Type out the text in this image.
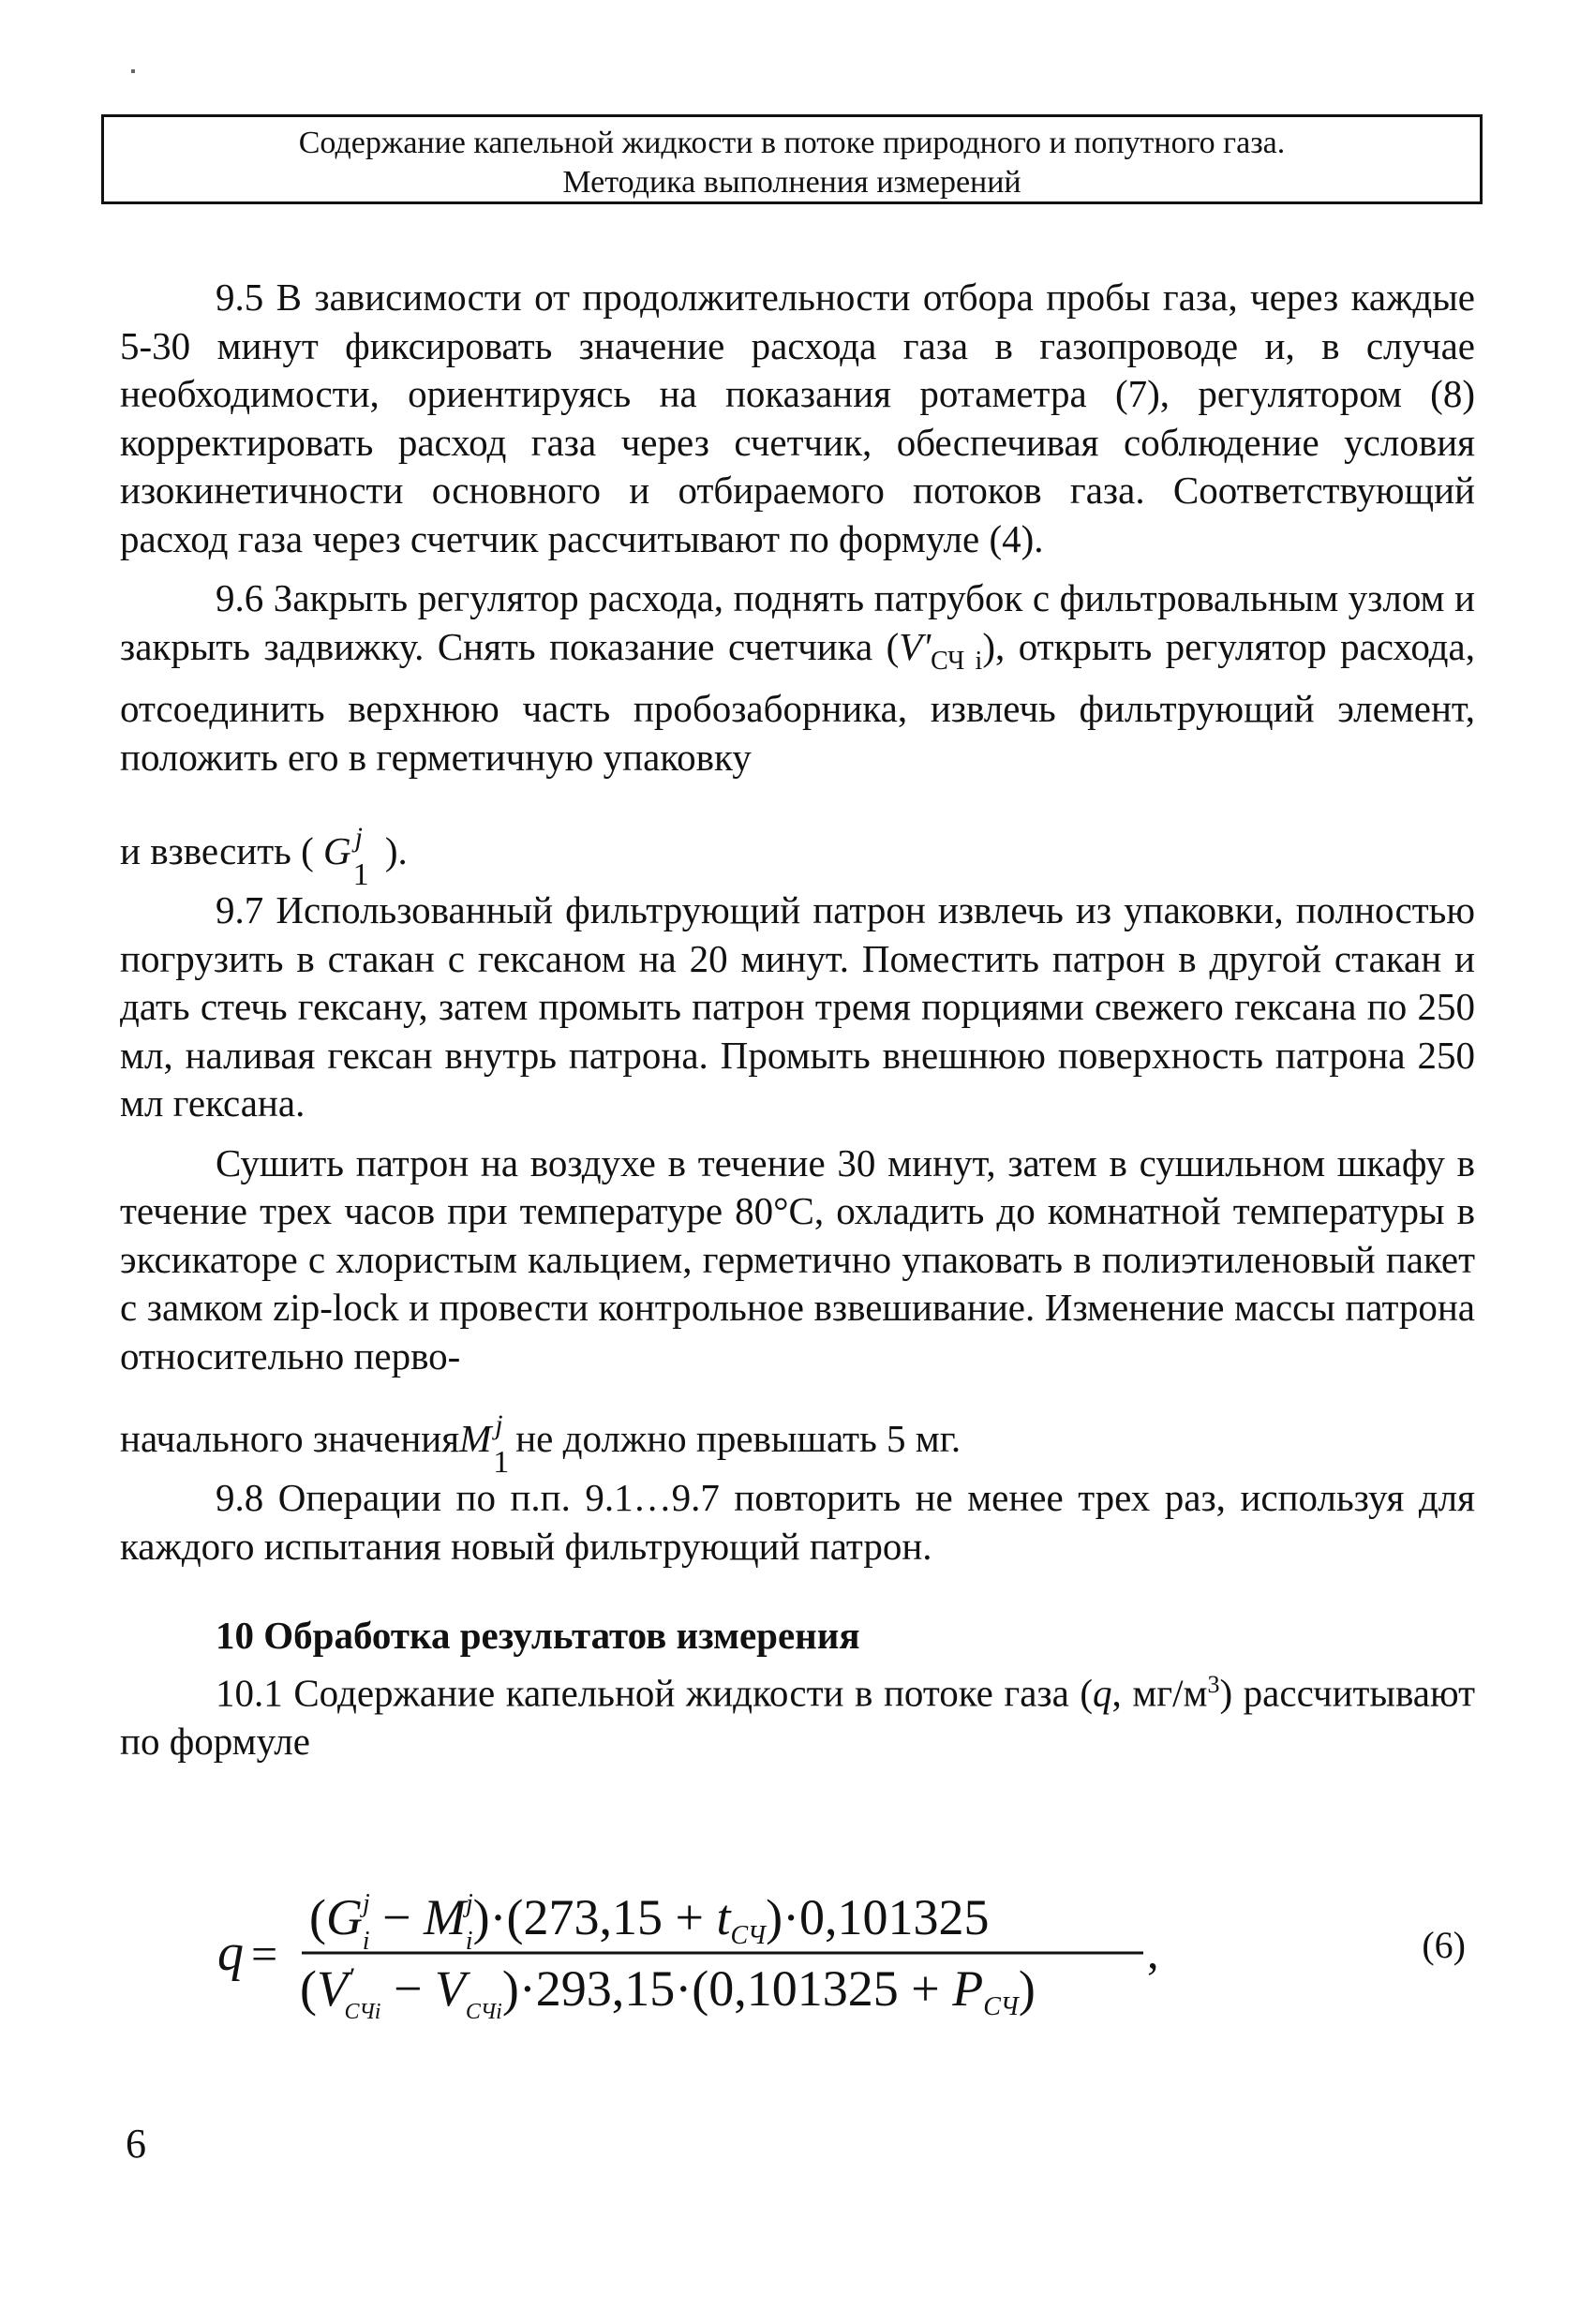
Содержание капельной жидкости в потоке природного и попутного газа.
Методика выполнения измерений

9.5 В зависимости от продолжительности отбора пробы газа, через каждые 5-30 минут фиксировать значение расхода газа в газопроводе и, в случае необходимости, ориентируясь на показания ротаметра (7), регулятором (8) корректировать расход газа через счетчик, обеспечивая соблюдение условия изокинетичности основного и отбираемого потоков газа. Соответствующий расход газа через счетчик рассчитывают по формуле (4).

9.6 Закрыть регулятор расхода, поднять патрубок с фильтровальным узлом и закрыть задвижку. Снять показание счетчика $(V'_{СЧ i})$, открыть регулятор расхода, отсоединить верхнюю часть пробозаборника, извлечь фильтрующий элемент, положить его в герметичную упаковку

и взвесить (
G j
1

).

9.7 Использованный фильтрующий патрон извлечь из упаковки, полностью погрузить в стакан с гексаном на 20 минут. Поместить патрон в другой стакан и дать стечь гексану, затем промыть патрон тремя порциями свежего гексана по 250 мл, наливая гексан внутрь патрона. Промыть внешнюю поверхность патрона 250 мл гексана.

Сушить патрон на воздухе в течение 30 минут, затем в сушильном шкафу в течение трех часов при температуре 80°С, охладить до комнатной температуры в эксикаторе с хлористым кальцием, герметично упаковать в полиэтиленовый пакет с замком zip-lock и провести контрольное взвешивание. Изменение массы патрона относительно перво-

начального значения M j
1
не должно превышать 5 мг.

9.8 Операции по п.п. 9.1…9.7 повторить не менее трех раз, используя для каждого испытания новый фильтрующий патрон.

10 Обработка результатов измерения

10.1 Содержание капельной жидкости в потоке газа (q, $мг/м^3$) рассчитывают по формуле

q =
($G^j$ $i - M^j$ i)·(273,15 + tСЧ)·0,101325
(V′ СЧi − $V_{СЧi})\cdot 293,15\cdot(0,101325 + PСЧ)$
,	(6)
6
